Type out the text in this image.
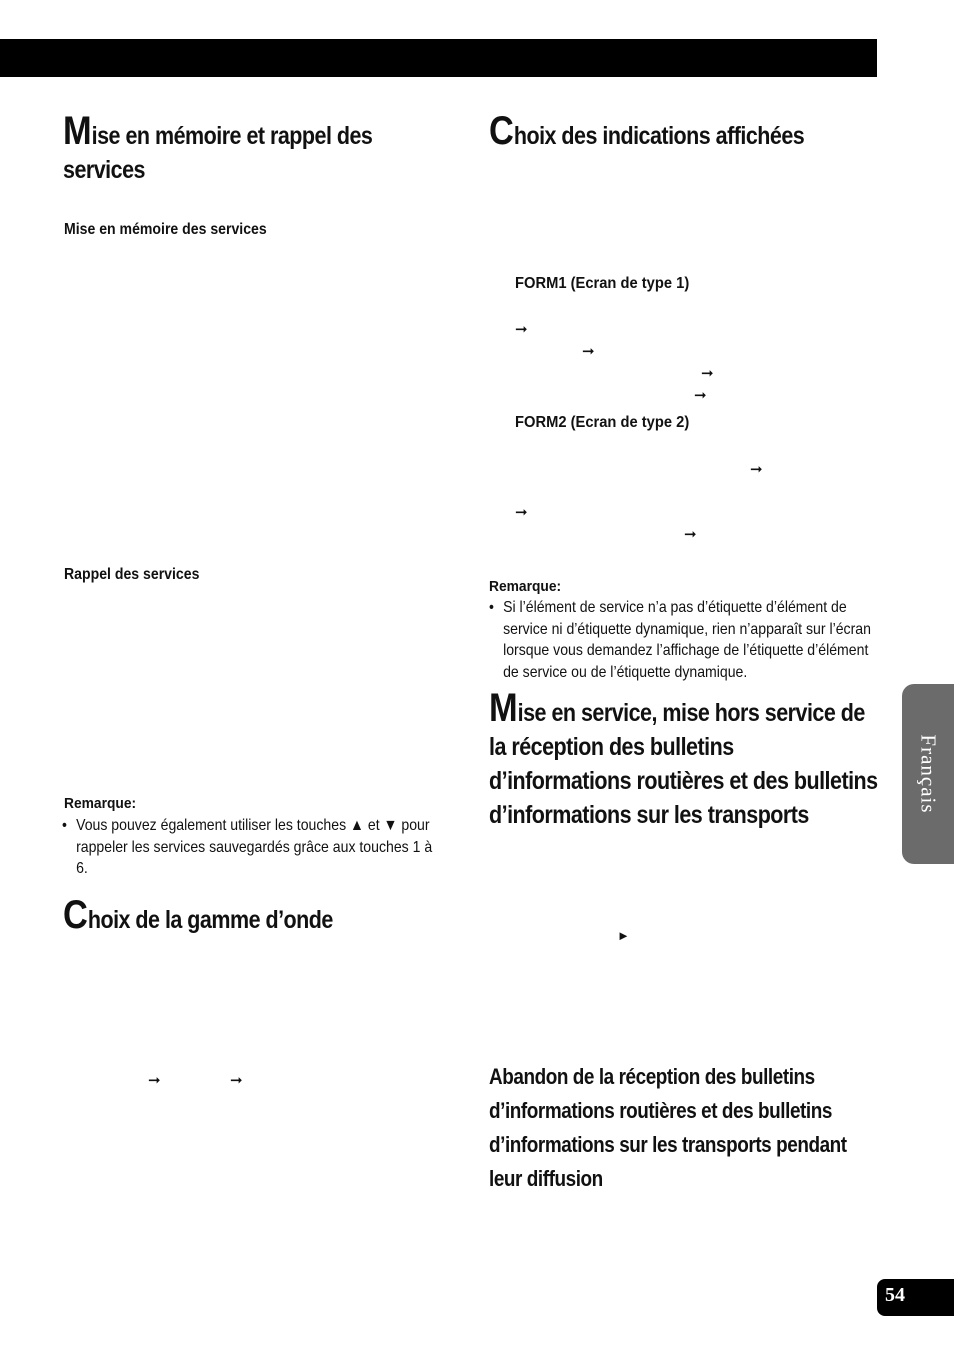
Mise en mémoire et rappel des services
Mise en mémoire des services
Rappel des services
Remarque:
• Vous pouvez également utiliser les touches ▲ et ▼ pour rappeler les services sauvegardés grâce aux touches 1 à 6.
Choix de la gamme d’onde
➞	➞
Choix des indications affichées
FORM1 (Ecran de type 1)
➞
➞
➞
➞
FORM2 (Ecran de type 2)
➞
➞
➞
Remarque:
• Si l’élément de service n’a pas d’étiquette d’élément de service ni d’étiquette dynamique, rien n’apparaît sur l’écran lorsque vous demandez l’affichage de l’étiquette d’élément de service ou de l’étiquette dynamique.
Mise en service, mise hors service de la réception des bulletins d’informations routières et des bulletins d’informations sur les transports
►
Abandon de la réception des bulletins d’informations routières et des bulletins d’informations sur les transports pendant leur diffusion
Français
54
